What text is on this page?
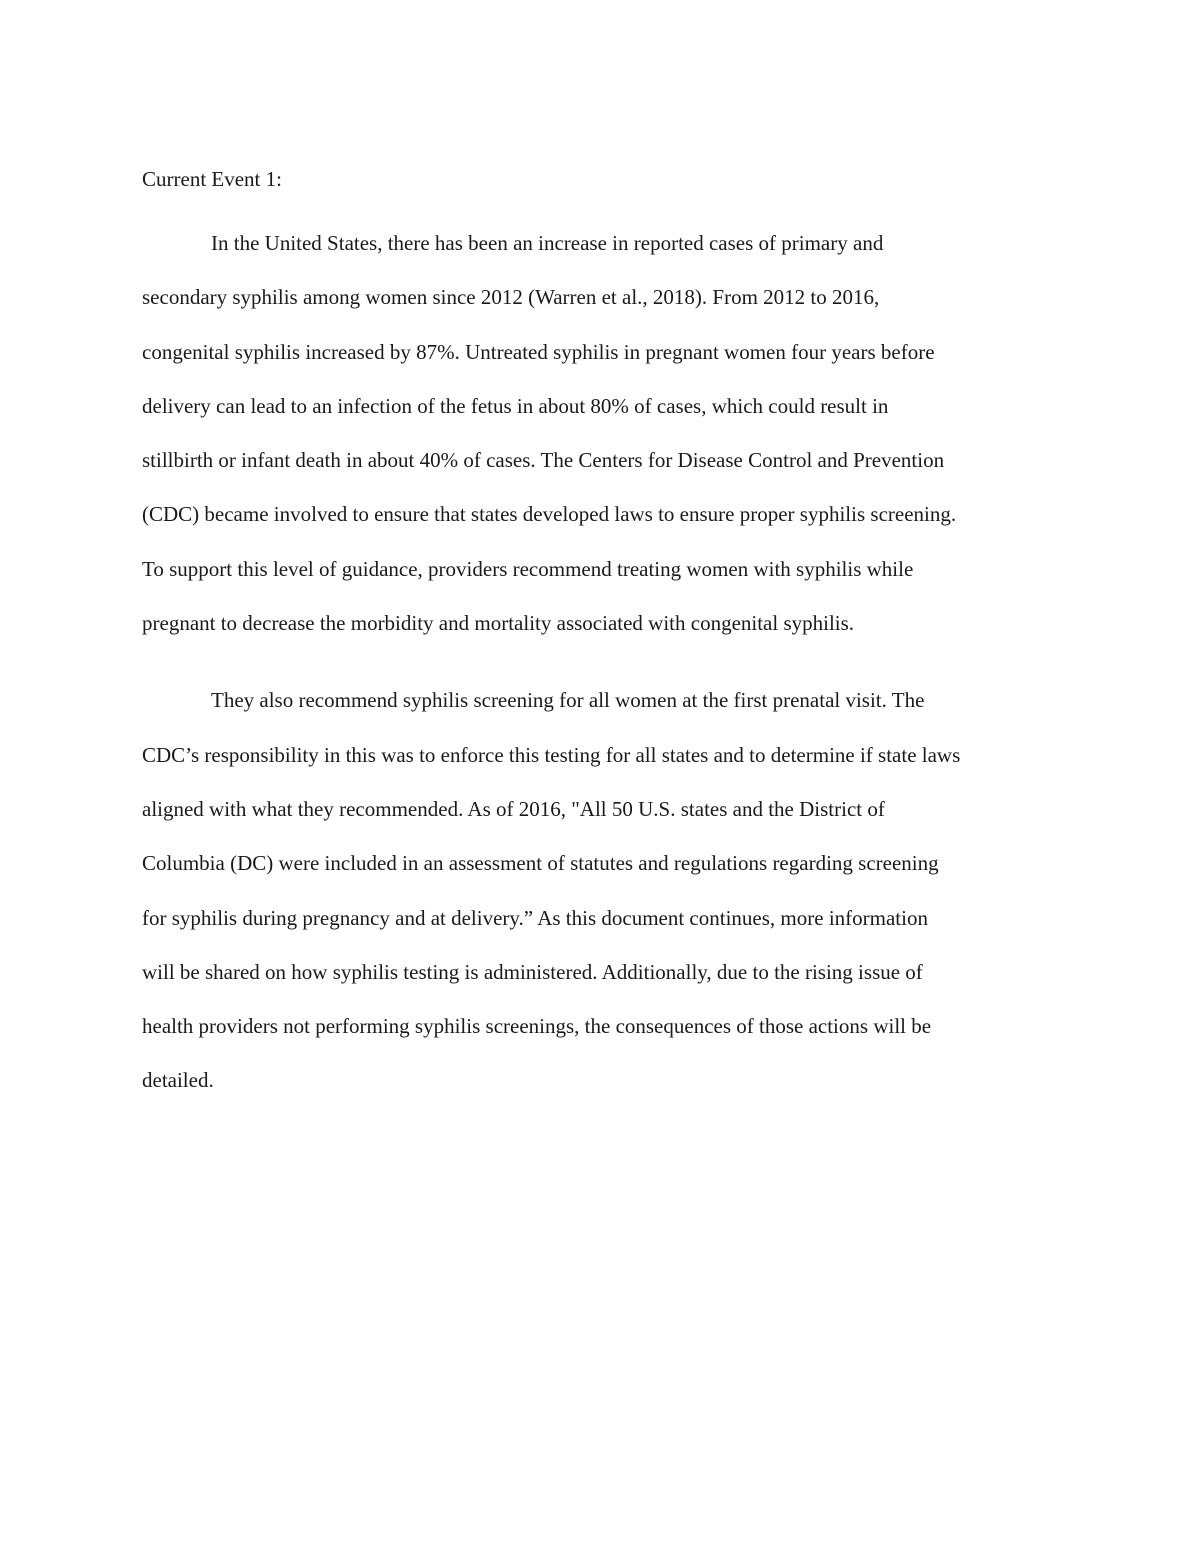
Current Event 1:
In the United States, there has been an increase in reported cases of primary and
secondary syphilis among women since 2012 (Warren et al., 2018). From 2012 to 2016,
congenital syphilis increased by 87%. Untreated syphilis in pregnant women four years before
delivery can lead to an infection of the fetus in about 80% of cases, which could result in
stillbirth or infant death in about 40% of cases. The Centers for Disease Control and Prevention
(CDC) became involved to ensure that states developed laws to ensure proper syphilis screening.
To support this level of guidance, providers recommend treating women with syphilis while
pregnant to decrease the morbidity and mortality associated with congenital syphilis.
They also recommend syphilis screening for all women at the first prenatal visit. The
CDC’s responsibility in this was to enforce this testing for all states and to determine if state laws
aligned with what they recommended. As of 2016, "All 50 U.S. states and the District of
Columbia (DC) were included in an assessment of statutes and regulations regarding screening
for syphilis during pregnancy and at delivery.” As this document continues, more information
will be shared on how syphilis testing is administered. Additionally, due to the rising issue of
health providers not performing syphilis screenings, the consequences of those actions will be
detailed.
